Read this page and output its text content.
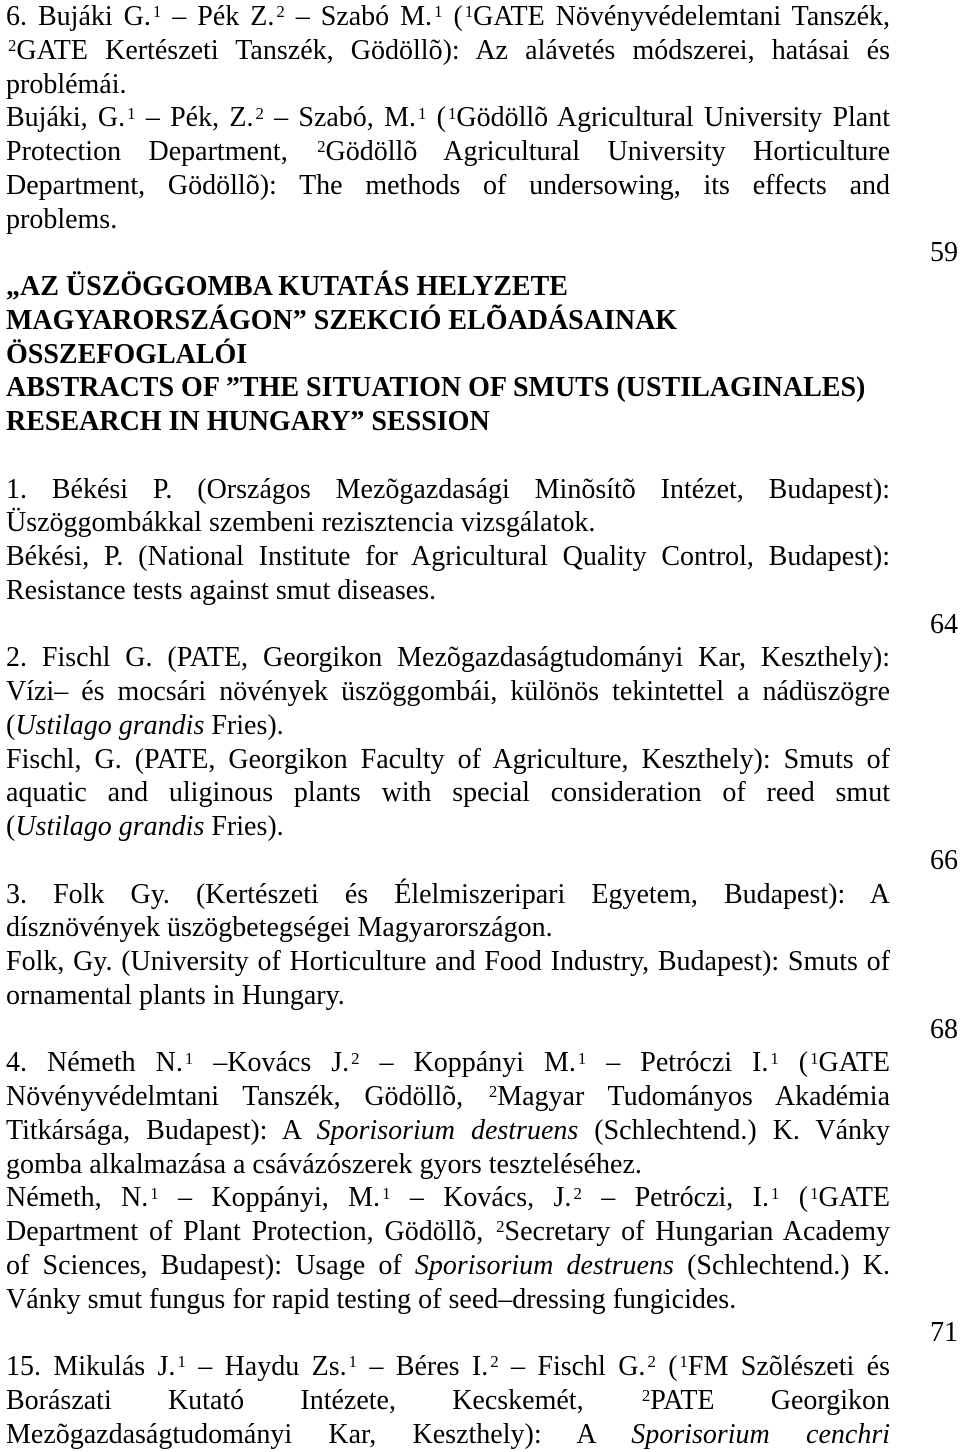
6. Bujáki G. $^1$ – Pék Z. $^2$ – Szabó M. $^1$ ( $^1$GATE Növényvédelemtani Tanszék,
$^2$GATE Kertészeti Tanszék, Gödöllõ): Az alávetés módszerei, hatásai és
problémái.
Bujáki, G. $^1$ – Pék, Z. $^2$ – Szabó, M. $^1$ ( $^1$Gödöllõ Agricultural University Plant
Protection Department, $^2$Gödöllõ Agricultural University Horticulture
Department, Gödöllõ): The methods of undersowing, its effects and
problems.
59
„AZ ÜSZÖGGOMBA KUTATÁS HELYZETE
MAGYARORSZÁGON” SZEKCIÓ ELÕADÁSAINAK
ÖSSZEFOGLALÓI
ABSTRACTS OF ”THE SITUATION OF SMUTS (USTILAGINALES)
RESEARCH IN HUNGARY” SESSION
1. Békési P. (Országos Mezõgazdasági Minõsítõ Intézet, Budapest):
Üszöggombákkal szembeni rezisztencia vizsgálatok.
Békési, P. (National Institute for Agricultural Quality Control, Budapest):
Resistance tests against smut diseases.
64
2. Fischl G. (PATE, Georgikon Mezõgazdaságtudományi Kar, Keszthely):
Vízi– és mocsári növények üszöggombái, különös tekintettel a nádüszögre
(Ustilago grandis Fries).
Fischl, G. (PATE, Georgikon Faculty of Agriculture, Keszthely): Smuts of
aquatic and uliginous plants with special consideration of reed smut
(Ustilago grandis Fries).
66
3. Folk Gy. (Kertészeti és Élelmiszeripari Egyetem, Budapest): A
dísznövények üszögbetegségei Magyarországon.
Folk, Gy. (University of Horticulture and Food Industry, Budapest): Smuts of
ornamental plants in Hungary.
68
4. Németh N. $^1$ –Kovács J. $^2$ – Koppányi M. $^1$ – Petróczi I. $^1$ ( $^1$GATE
Növényvédelmtani Tanszék, Gödöllõ, $^2$Magyar Tudományos Akadémia
Titkársága, Budapest): A Sporisorium destruens (Schlechtend.) K. Vánky
gomba alkalmazása a csávázószerek gyors teszteléséhez.
Németh, N. $^1$ – Koppányi, M. $^1$ – Kovács, J. $^2$ – Petróczi, I. $^1$ ( $^1$GATE
Department of Plant Protection, Gödöllõ, $^2$Secretary of Hungarian Academy
of Sciences, Budapest): Usage of Sporisorium destruens (Schlechtend.) K.
Vánky smut fungus for rapid testing of seed–dressing fungicides.
71
15. Mikulás J. $^1$ – Haydu Zs. $^1$ – Béres I. $^2$ – Fischl G. $^2$ ( $^1$FM Szõlészeti és
Borászati Kutató Intézete, Kecskemét, $^2$PATE Georgikon
Mezõgazdaságtudományi Kar, Keszthely): A Sporisorium cenchri
